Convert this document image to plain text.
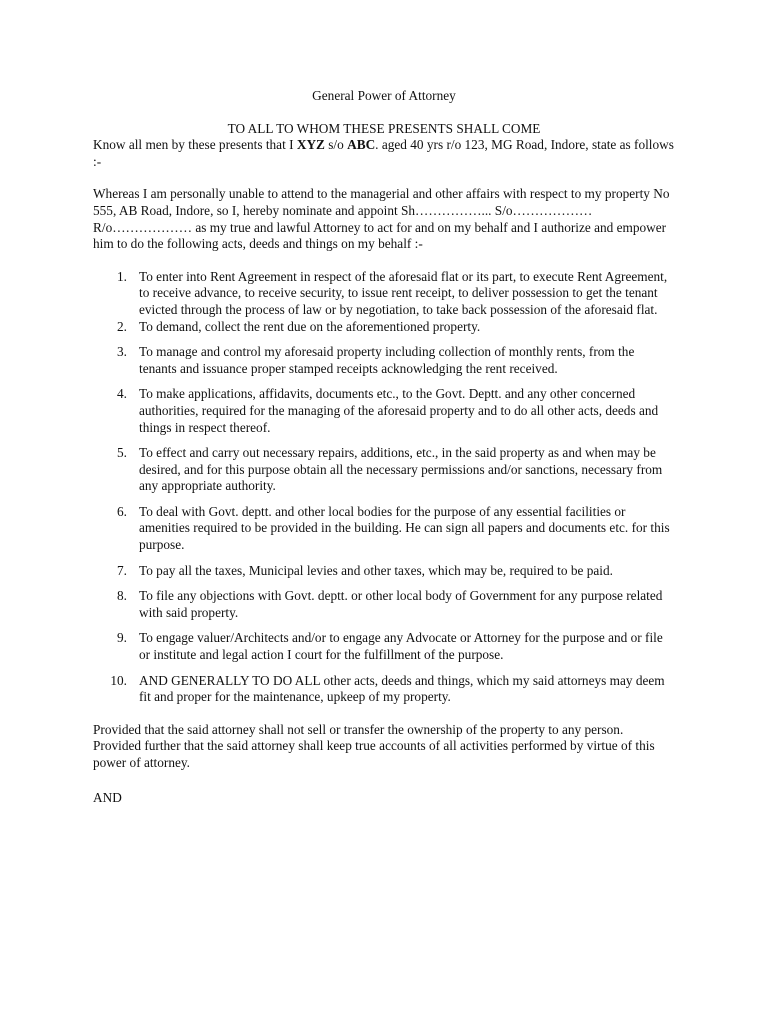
General Power of Attorney

TO ALL TO WHOM THESE PRESENTS SHALL COME

Know all men by these presents that I XYZ s/o ABC. aged 40 yrs r/o 123, MG Road, Indore, state as follows :-

Whereas I am personally unable to attend to the managerial and other affairs with respect to my property No 555, AB Road, Indore, so I, hereby nominate and appoint Sh……………... S/o……………… R/o……………… as my true and lawful Attorney to act for and on my behalf and I authorize and empower him to do the following acts, deeds and things on my behalf :-

1. To enter into Rent Agreement in respect of the aforesaid flat or its part, to execute Rent Agreement, to receive advance, to receive security, to issue rent receipt, to deliver possession to get the tenant evicted through the process of law or by negotiation, to take back possession of the aforesaid flat.
2. To demand, collect the rent due on the aforementioned property.
3. To manage and control my aforesaid property including collection of monthly rents, from the tenants and issuance proper stamped receipts acknowledging the rent received.
4. To make applications, affidavits, documents etc., to the Govt. Deptt. and any other concerned authorities, required for the managing of the aforesaid property and to do all other acts, deeds and things in respect thereof.
5. To effect and carry out necessary repairs, additions, etc., in the said property as and when may be desired, and for this purpose obtain all the necessary permissions and/or sanctions, necessary from any appropriate authority.
6. To deal with Govt. deptt. and other local bodies for the purpose of any essential facilities or amenities required to be provided in the building. He can sign all papers and documents etc. for this purpose.
7. To pay all the taxes, Municipal levies and other taxes, which may be, required to be paid.
8. To file any objections with Govt. deptt. or other local body of Government for any purpose related with said property.
9. To engage valuer/Architects and/or to engage any Advocate or Attorney for the purpose and or file or institute and legal action I court for the fulfillment of the purpose.
10. AND GENERALLY TO DO ALL other acts, deeds and things, which my said attorneys may deem fit and proper for the maintenance, upkeep of my property.

Provided that the said attorney shall not sell or transfer the ownership of the property to any person.

Provided further that the said attorney shall keep true accounts of all activities performed by virtue of this power of attorney.

AND
